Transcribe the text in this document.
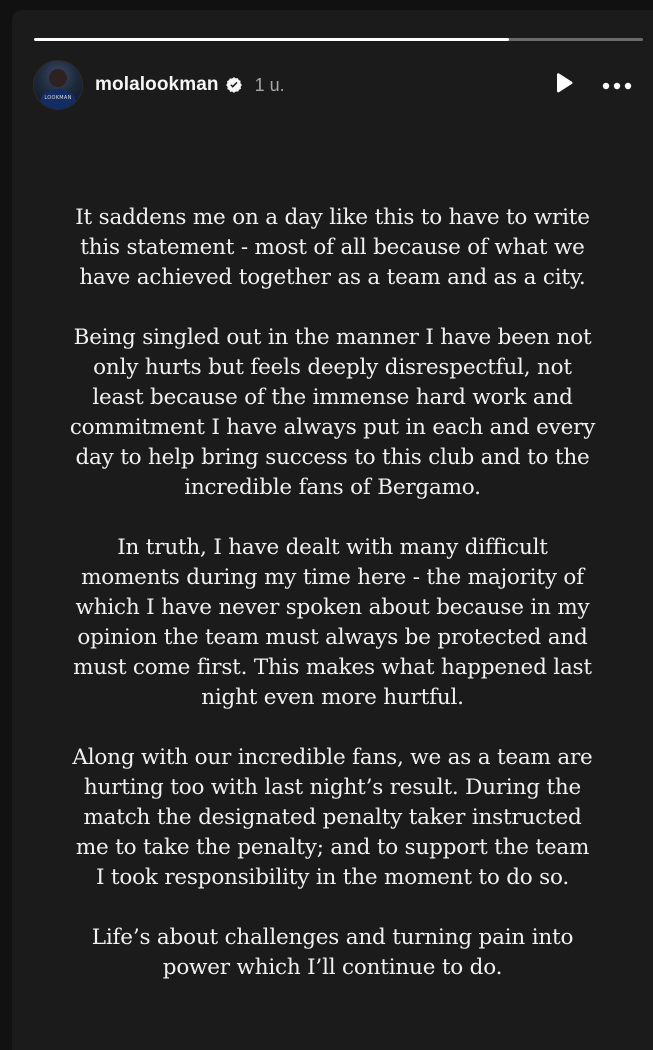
LOOKMAN
molalookman 1 u.

It saddens me on a day like this to have to write
this statement - most of all because of what we
have achieved together as a team and as a city.

Being singled out in the manner I have been not
only hurts but feels deeply disrespectful, not
least because of the immense hard work and
commitment I have always put in each and every
day to help bring success to this club and to the
incredible fans of Bergamo.

In truth, I have dealt with many difficult
moments during my time here - the majority of
which I have never spoken about because in my
opinion the team must always be protected and
must come first. This makes what happened last
night even more hurtful.

Along with our incredible fans, we as a team are
hurting too with last night’s result. During the
match the designated penalty taker instructed
me to take the penalty; and to support the team
I took responsibility in the moment to do so.

Life’s about challenges and turning pain into
power which I’ll continue to do.
